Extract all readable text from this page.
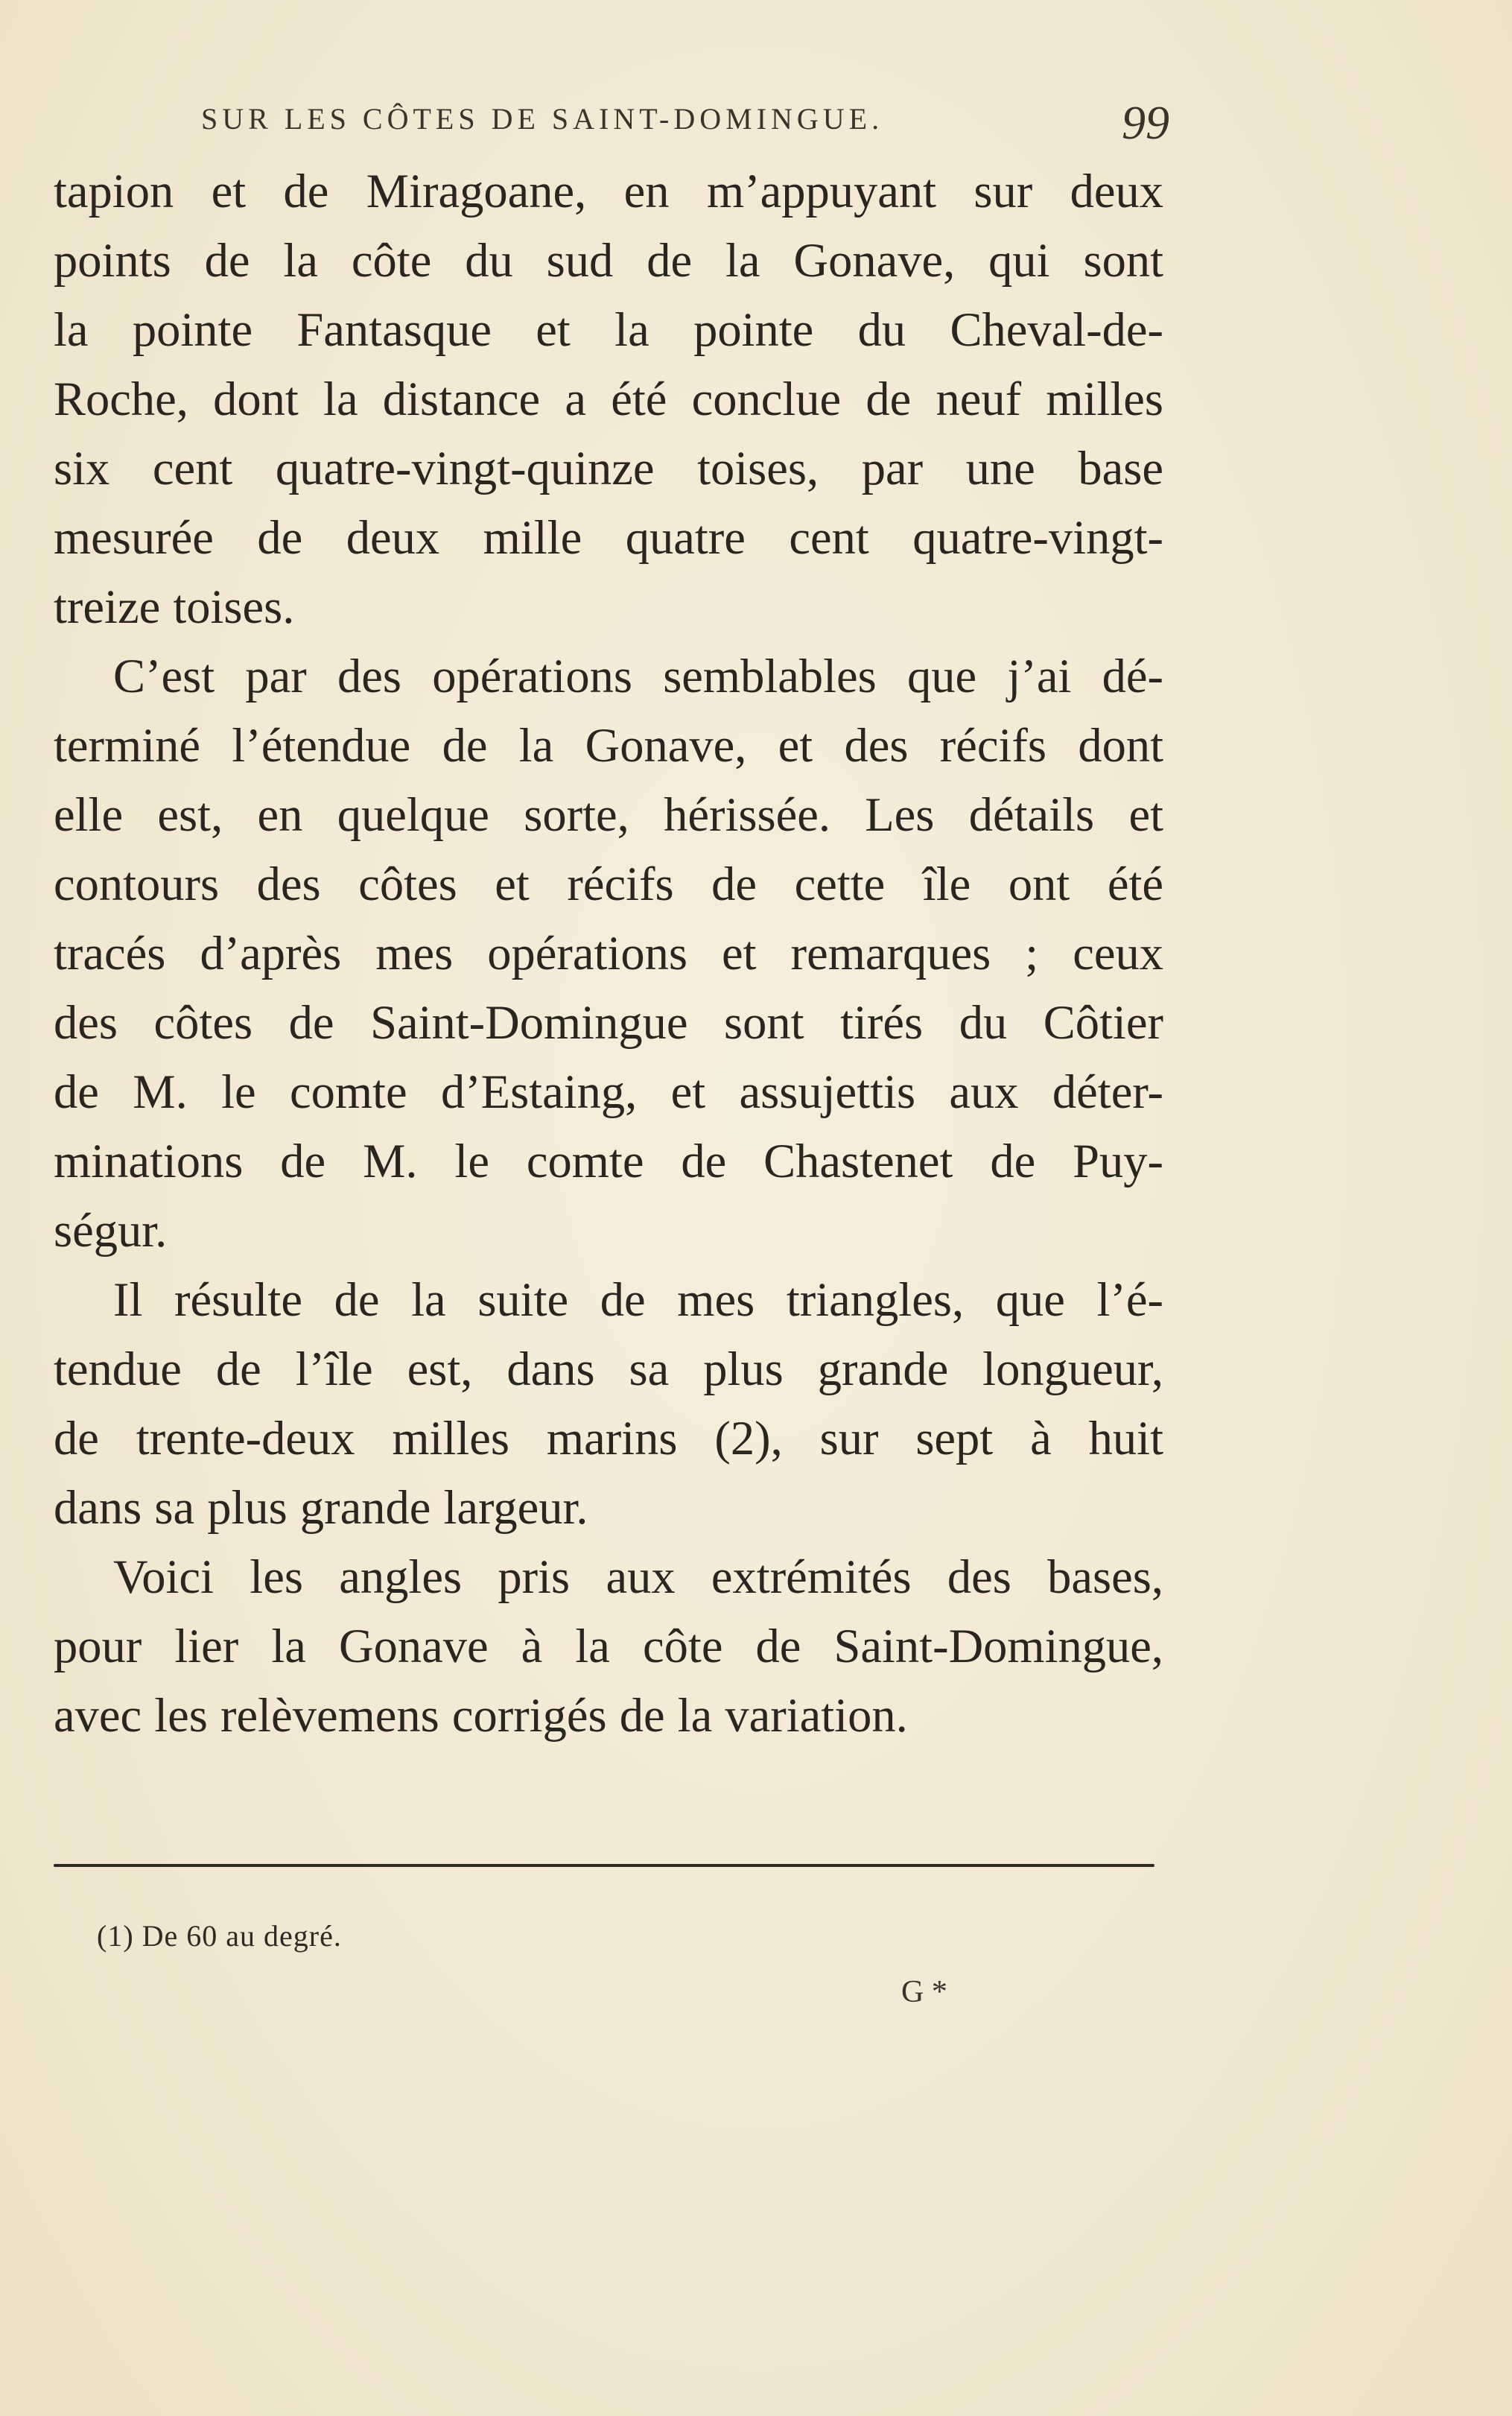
SUR LES CÔTES DE SAINT-DOMINGUE.	99

tapion et de Miragoane, en m’appuyant sur deux
points de la côte du sud de la Gonave, qui sont
la pointe Fantasque et la pointe du Cheval-de-
Roche, dont la distance a été conclue de neuf milles
six cent quatre-vingt-quinze toises, par une base
mesurée de deux mille quatre cent quatre-vingt-
treize toises.

C’est par des opérations semblables que j’ai dé-
terminé l’étendue de la Gonave, et des récifs dont
elle est, en quelque sorte, hérissée. Les détails et
contours des côtes et récifs de cette île ont été
tracés d’après mes opérations et remarques ; ceux
des côtes de Saint-Domingue sont tirés du Côtier
de M. le comte d’Estaing, et assujettis aux déter-
minations de M. le comte de Chastenet de Puy-
ségur.

Il résulte de la suite de mes triangles, que l’é-
tendue de l’île est, dans sa plus grande longueur,
de trente-deux milles marins (2), sur sept à huit
dans sa plus grande largeur.

Voici les angles pris aux extrémités des bases,
pour lier la Gonave à la côte de Saint-Domingue,
avec les relèvemens corrigés de la variation.

(1) De 60 au degré.
G *
